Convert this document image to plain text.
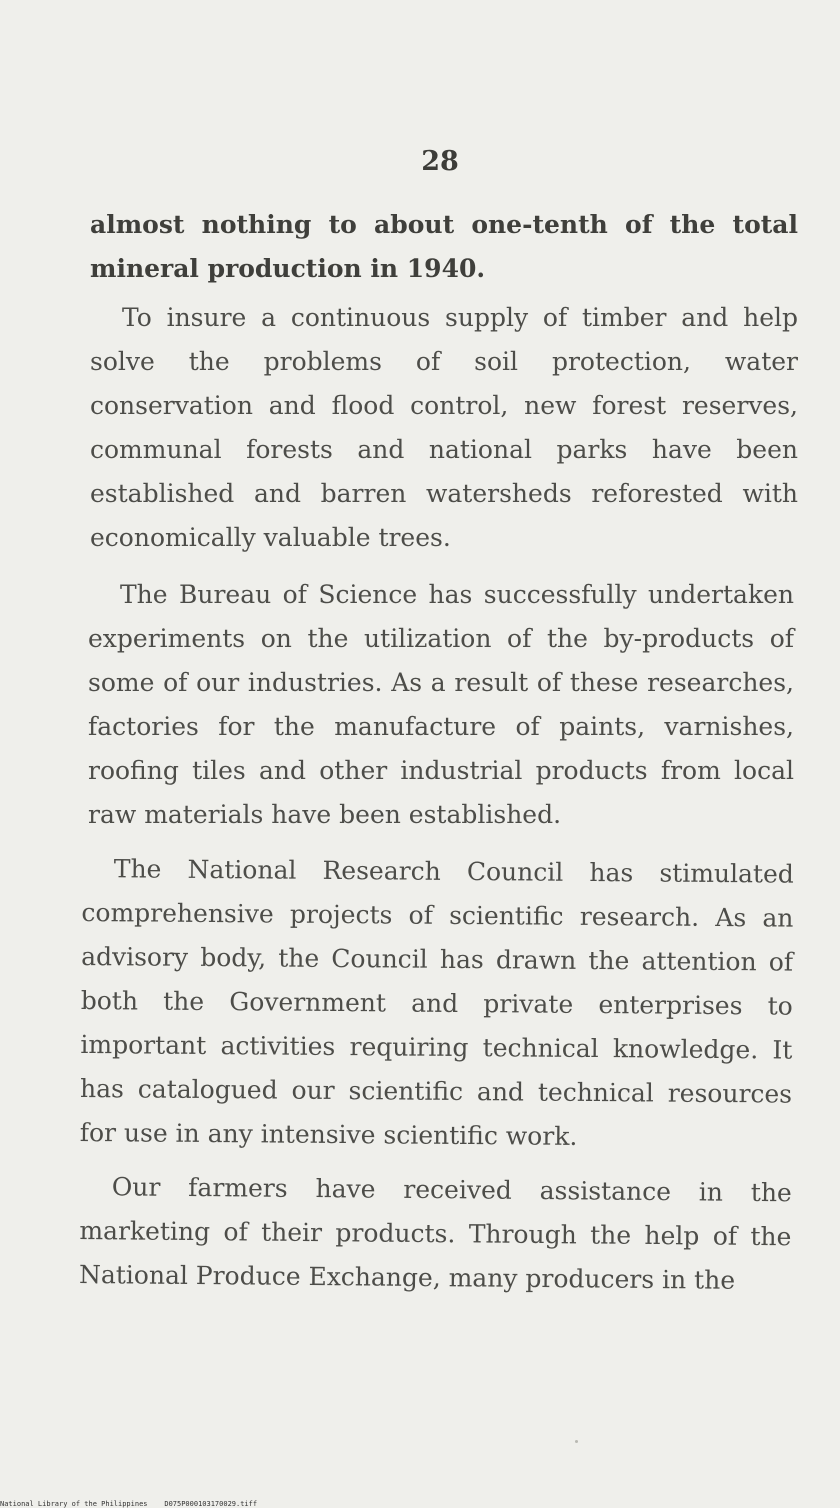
28

almost nothing to about one-tenth of the total mineral production in 1940.

To insure a continuous supply of timber and help solve the problems of soil protection, water conservation and flood control, new forest reserves, communal forests and national parks have been established and barren watersheds reforested with economically valuable trees.

The Bureau of Science has successfully undertaken experiments on the utilization of the by-products of some of our industries. As a result of these researches, factories for the manufacture of paints, varnishes, roofing tiles and other industrial products from local raw materials have been established.

The National Research Council has stimulated comprehensive projects of scientific research. As an advisory body, the Council has drawn the attention of both the Government and private enterprises to important activities requiring technical knowledge. It has catalogued our scientific and technical resources for use in any intensive scientific work.

Our farmers have received assistance in the marketing of their products. Through the help of the National Produce Exchange, many producers in the

National Library of the Philippines    D075P000103170029.tiff
